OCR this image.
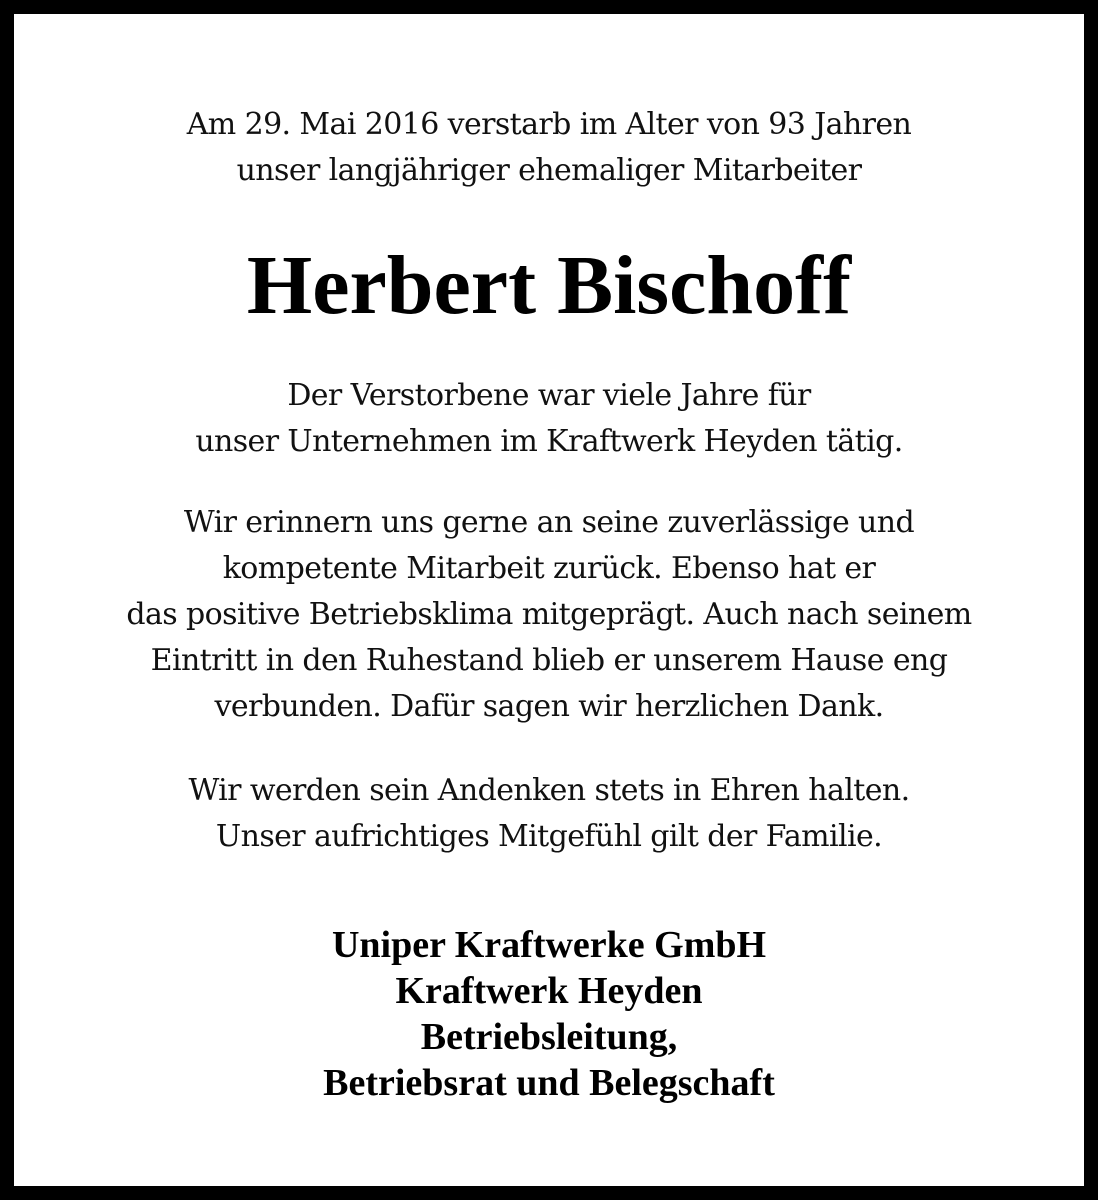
Am 29. Mai 2016 verstarb im Alter von 93 Jahren
unser langjähriger ehemaliger Mitarbeiter
Herbert Bischoff
Der Verstorbene war viele Jahre für
unser Unternehmen im Kraftwerk Heyden tätig.
Wir erinnern uns gerne an seine zuverlässige und
kompetente Mitarbeit zurück. Ebenso hat er
das positive Betriebsklima mitgeprägt. Auch nach seinem
Eintritt in den Ruhestand blieb er unserem Hause eng
verbunden. Dafür sagen wir herzlichen Dank.
Wir werden sein Andenken stets in Ehren halten.
Unser aufrichtiges Mitgefühl gilt der Familie.
Uniper Kraftwerke GmbH
Kraftwerk Heyden
Betriebsleitung,
Betriebsrat und Belegschaft
